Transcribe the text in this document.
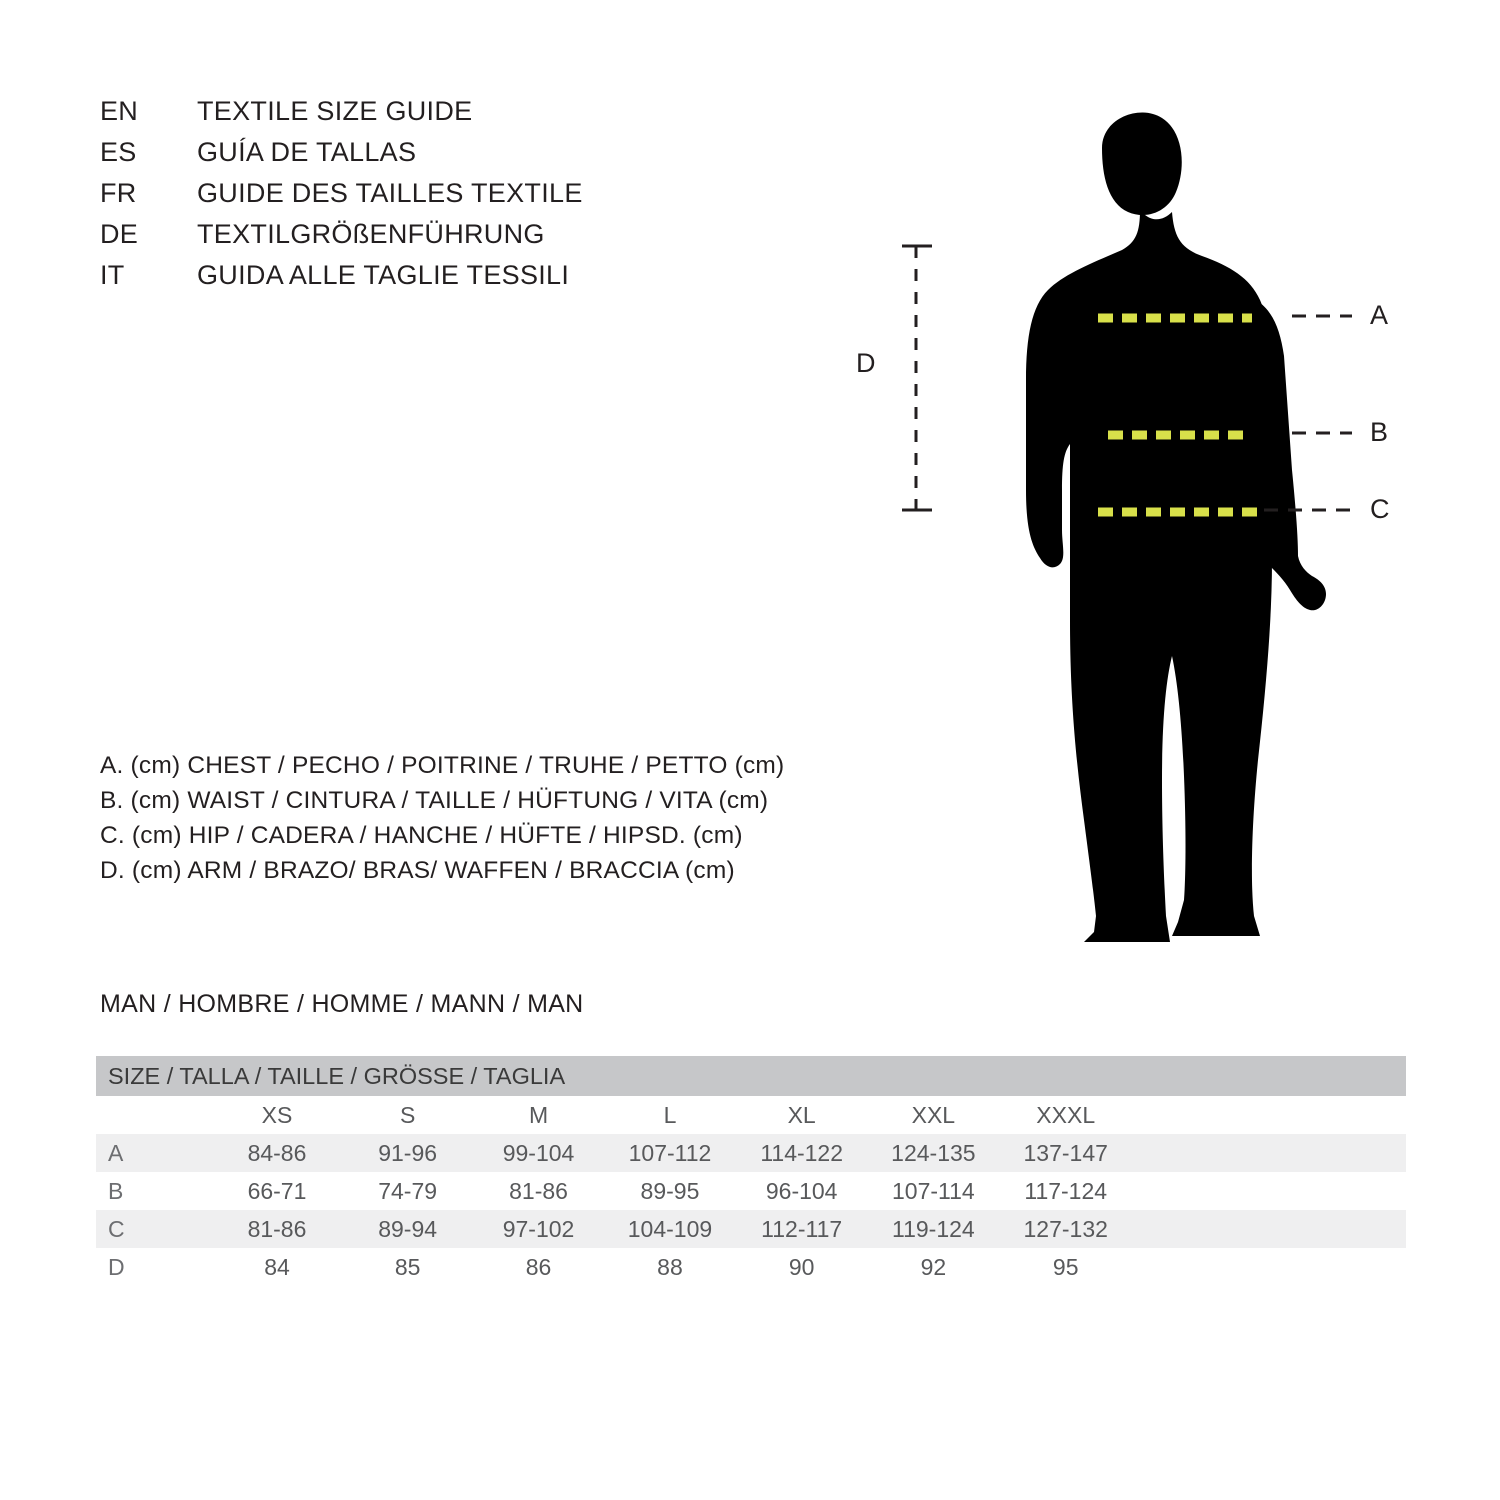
EN	TEXTILE SIZE GUIDE
ES	GUÍA DE TALLAS
FR	GUIDE DES TAILLES TEXTILE
DE	TEXTILGRÖßENFÜHRUNG
IT	GUIDA ALLE TAGLIE TESSILI
A. (cm) CHEST / PECHO / POITRINE / TRUHE / PETTO (cm)
B. (cm) WAIST / CINTURA / TAILLE / HÜFTUNG / VITA (cm)
C. (cm) HIP / CADERA / HANCHE / HÜFTE / HIPSD. (cm)
D. (cm) ARM / BRAZO/ BRAS/ WAFFEN / BRACCIA (cm)
A
B
C
D
MAN / HOMBRE / HOMME / MANN / MAN
SIZE / TALLA / TAILLE / GRÖSSE / TAGLIA								
	XS	S	M	L	XL	XXL	XXXL	
A	84-86	91-96	99-104	107-112	114-122	124-135	137-147	
B	66-71	74-79	81-86	89-95	96-104	107-114	117-124	
C	81-86	89-94	97-102	104-109	112-117	119-124	127-132	
D	84	85	86	88	90	92	95	
